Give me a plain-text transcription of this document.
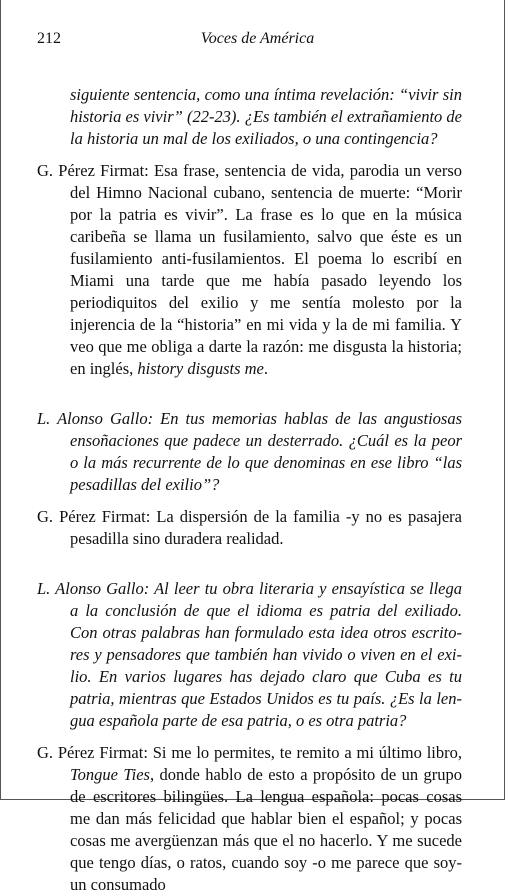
212	Voces de América

siguiente sentencia, como una íntima revelación: “vivir sin historia es vivir” (22-23). ¿Es también el extrañamiento de la historia un mal de los exiliados, o una contingencia?

G. Pérez Firmat: Esa frase, sentencia de vida, parodia un verso del Himno Nacional cubano, sentencia de muerte: “Morir por la patria es vivir”. La frase es lo que en la música caribeña se llama un fusilamiento, salvo que éste es un fusilamiento anti-fusilamientos. El poema lo escribí en Miami una tarde que me había pasado leyendo los periodiquitos del exilio y me sentía molesto por la injerencia de la “historia” en mi vida y la de mi familia. Y veo que me obliga a darte la razón: me disgusta la historia; en inglés, history disgusts me.

L. Alonso Gallo: En tus memorias hablas de las angustiosas ensoñaciones que padece un desterrado. ¿Cuál es la peor o la más recurrente de lo que denominas en ese libro “las pesadillas del exilio”?

G. Pérez Firmat: La dispersión de la familia -y no es pasajera pesadilla sino duradera realidad.

L. Alonso Gallo: Al leer tu obra literaria y ensayística se llega a la conclusión de que el idioma es patria del exiliado. Con otras palabras han formulado esta idea otros escritores y pensadores que también han vivido o viven en el exilio. En varios lugares has dejado claro que Cuba es tu patria, mientras que Estados Unidos es tu país. ¿Es la lengua española parte de esa patria, o es otra patria?

G. Pérez Firmat: Si me lo permites, te remito a mi último libro, Tongue Ties, donde hablo de esto a propósito de un grupo de escritores bilingües. La lengua española: pocas cosas me dan más felicidad que hablar bien el español; y pocas cosas me avergüenzan más que el no hacerlo. Y me sucede que tengo días, o ratos, cuando soy -o me parece que soy- un consumado
